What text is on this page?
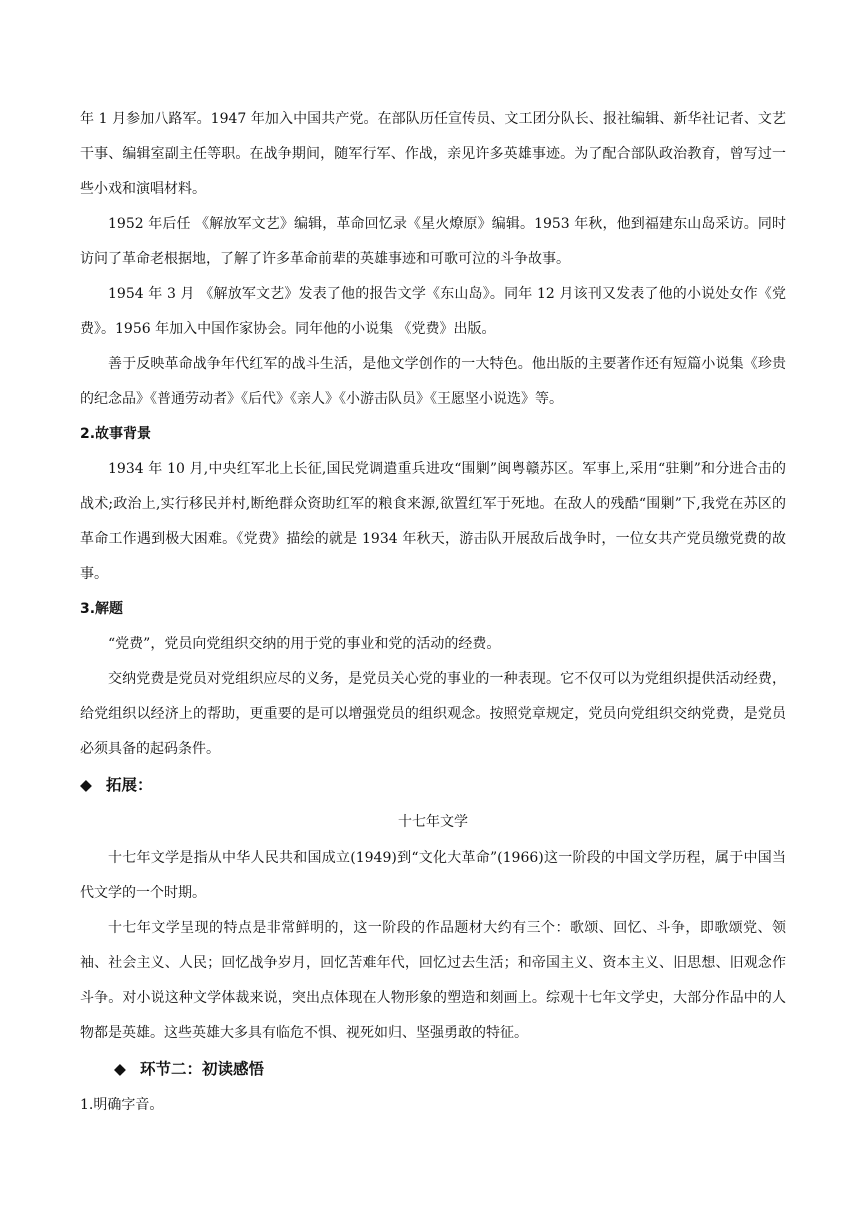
年 1 月参加八路军。1947 年加入中国共产党。在部队历任宣传员、文工团分队长、报社编辑、新华社记者、文艺干事、编辑室副主任等职。在战争期间，随军行军、作战，亲见许多英雄事迹。为了配合部队政治教育，曾写过一些小戏和演唱材料。

1952 年后任 《解放军文艺》编辑，革命回忆录《星火燎原》编辑。1953 年秋，他到福建东山岛采访。同时访问了革命老根据地，了解了许多革命前辈的英雄事迹和可歌可泣的斗争故事。

1954 年 3 月 《解放军文艺》发表了他的报告文学《东山岛》。同年 12 月该刊又发表了他的小说处女作《党费》。1956 年加入中国作家协会。同年他的小说集 《党费》出版。

善于反映革命战争年代红军的战斗生活，是他文学创作的一大特色。他出版的主要著作还有短篇小说集《珍贵的纪念品》《普通劳动者》《后代》《亲人》《小游击队员》《王愿坚小说选》等。

2.故事背景

1934 年 10 月,中央红军北上长征,国民党调遣重兵进攻“围剿”闽粤赣苏区。军事上,采用“驻剿”和分进合击的战术;政治上,实行移民并村,断绝群众资助红军的粮食来源,欲置红军于死地。在敌人的残酷“围剿”下,我党在苏区的革命工作遇到极大困难。《党费》描绘的就是 1934 年秋天，游击队开展敌后战争时，一位女共产党员缴党费的故事。

3.解题

“党费”，党员向党组织交纳的用于党的事业和党的活动的经费。

交纳党费是党员对党组织应尽的义务，是党员关心党的事业的一种表现。它不仅可以为党组织提供活动经费，给党组织以经济上的帮助，更重要的是可以增强党员的组织观念。按照党章规定，党员向党组织交纳党费，是党员必须具备的起码条件。

◆ 拓展：

十七年文学

十七年文学是指从中华人民共和国成立(1949)到“文化大革命”(1966)这一阶段的中国文学历程，属于中国当代文学的一个时期。

十七年文学呈现的特点是非常鲜明的，这一阶段的作品题材大约有三个：歌颂、回忆、斗争，即歌颂党、领袖、社会主义、人民；回忆战争岁月，回忆苦难年代，回忆过去生活；和帝国主义、资本主义、旧思想、旧观念作斗争。对小说这种文学体裁来说，突出点体现在人物形象的塑造和刻画上。综观十七年文学史，大部分作品中的人物都是英雄。这些英雄大多具有临危不惧、视死如归、坚强勇敢的特征。

◆ 环节二：初读感悟

1.明确字音。
